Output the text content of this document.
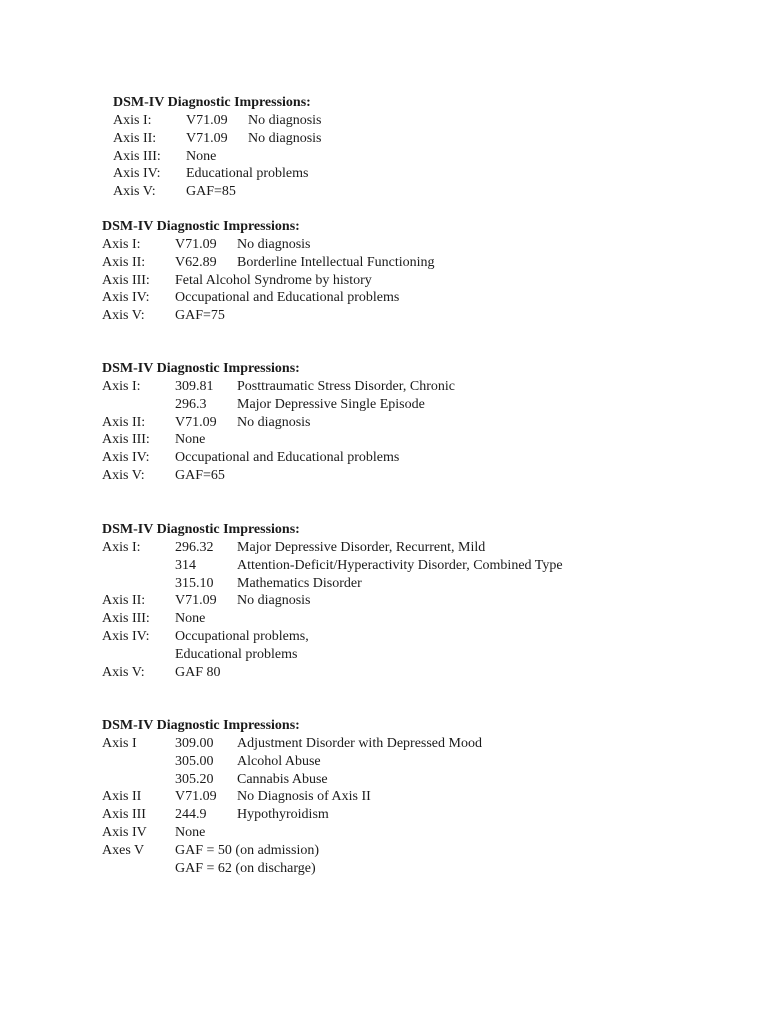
DSM-IV Diagnostic Impressions:
Axis I: V71.09 No diagnosis
Axis II: V71.09 No diagnosis
Axis III: None
Axis IV: Educational problems
Axis V: GAF=85
DSM-IV Diagnostic Impressions:
Axis I: V71.09 No diagnosis
Axis II: V62.89 Borderline Intellectual Functioning
Axis III: Fetal Alcohol Syndrome by history
Axis IV: Occupational and Educational problems
Axis V: GAF=75
DSM-IV Diagnostic Impressions:
Axis I: 309.81 Posttraumatic Stress Disorder, Chronic
296.3 Major Depressive Single Episode
Axis II: V71.09 No diagnosis
Axis III: None
Axis IV: Occupational and Educational problems
Axis V: GAF=65
DSM-IV Diagnostic Impressions:
Axis I: 296.32 Major Depressive Disorder, Recurrent, Mild
314	Attention-Deficit/Hyperactivity Disorder, Combined Type
315.10 Mathematics Disorder
Axis II: V71.09 No diagnosis
Axis III: None
Axis IV: Occupational problems,
Educational problems
Axis V: GAF 80
DSM-IV Diagnostic Impressions:
Axis I	309.00 Adjustment Disorder with Depressed Mood
305.00 Alcohol Abuse
305.20 Cannabis Abuse
Axis II V71.09 No Diagnosis of Axis II
Axis III 244.9 Hypothyroidism
Axis IV None
Axes V GAF = 50 (on admission)
GAF = 62 (on discharge)
